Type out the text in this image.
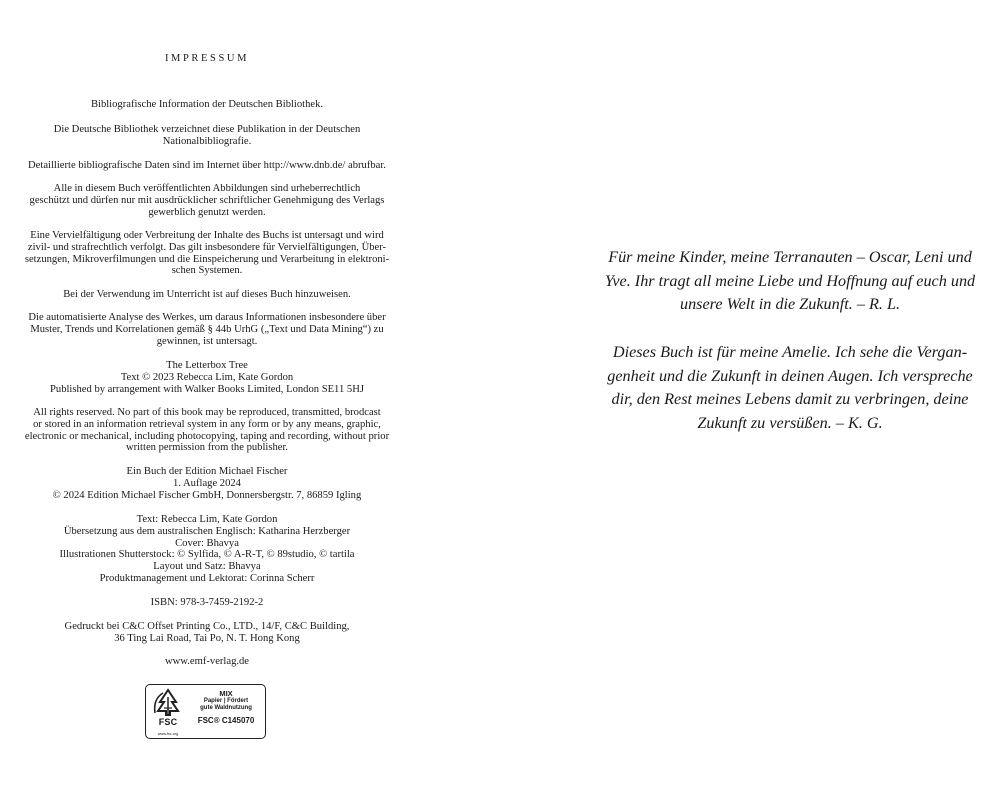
IMPRESSUM

Bibliografische Information der Deutschen Bibliothek.

Die Deutsche Bibliothek verzeichnet diese Publikation in der Deutschen
Nationalbibliografie.

Detaillierte bibliografische Daten sind im Internet über http://www.dnb.de/ abrufbar.

Alle in diesem Buch veröffentlichten Abbildungen sind urheberrechtlich
geschützt und dürfen nur mit ausdrücklicher schriftlicher Genehmigung des Verlags
gewerblich genutzt werden.

Eine Vervielfältigung oder Verbreitung der Inhalte des Buchs ist untersagt und wird
zivil- und strafrechtlich verfolgt. Das gilt insbesondere für Vervielfältigungen, Über-
setzungen, Mikroverfilmungen und die Einspeicherung und Verarbeitung in elektroni-
schen Systemen.

Bei der Verwendung im Unterricht ist auf dieses Buch hinzuweisen.

Die automatisierte Analyse des Werkes, um daraus Informationen insbesondere über
Muster, Trends und Korrelationen gemäß § 44b UrhG („Text und Data Mining“) zu
gewinnen, ist untersagt.

The Letterbox Tree
Text © 2023 Rebecca Lim, Kate Gordon
Published by arrangement with Walker Books Limited, London SE11 5HJ

All rights reserved. No part of this book may be reproduced, transmitted, brodcast
or stored in an information retrieval system in any form or by any means, graphic,
electronic or mechanical, including photocopying, taping and recording, without prior
written permission from the publisher.

Ein Buch der Edition Michael Fischer
1. Auflage 2024
© 2024 Edition Michael Fischer GmbH, Donnersbergstr. 7, 86859 Igling

Text: Rebecca Lim, Kate Gordon
Übersetzung aus dem australischen Englisch: Katharina Herzberger
Cover: Bhavya
Illustrationen Shutterstock: © Sylfida, © A-R-T, © 89studio, © tartila
Layout und Satz: Bhavya
Produktmanagement und Lektorat: Corinna Scherr

ISBN: 978-3-7459-2192-2

Gedruckt bei C&C Offset Printing Co., LTD., 14/F, C&C Building,
36 Ting Lai Road, Tai Po, N. T. Hong Kong

www.emf-verlag.de

FSC
www.fsc.org
MIX
Papier | Fördert
gute Waldnutzung
FSC® C145070

Für meine Kinder, meine Terranauten – Oscar, Leni und
Yve. Ihr tragt all meine Liebe und Hoffnung auf euch und
unsere Welt in die Zukunft. – R. L.

Dieses Buch ist für meine Amelie. Ich sehe die Vergan-
genheit und die Zukunft in deinen Augen. Ich verspreche
dir, den Rest meines Lebens damit zu verbringen, deine
Zukunft zu versüßen. – K. G.
